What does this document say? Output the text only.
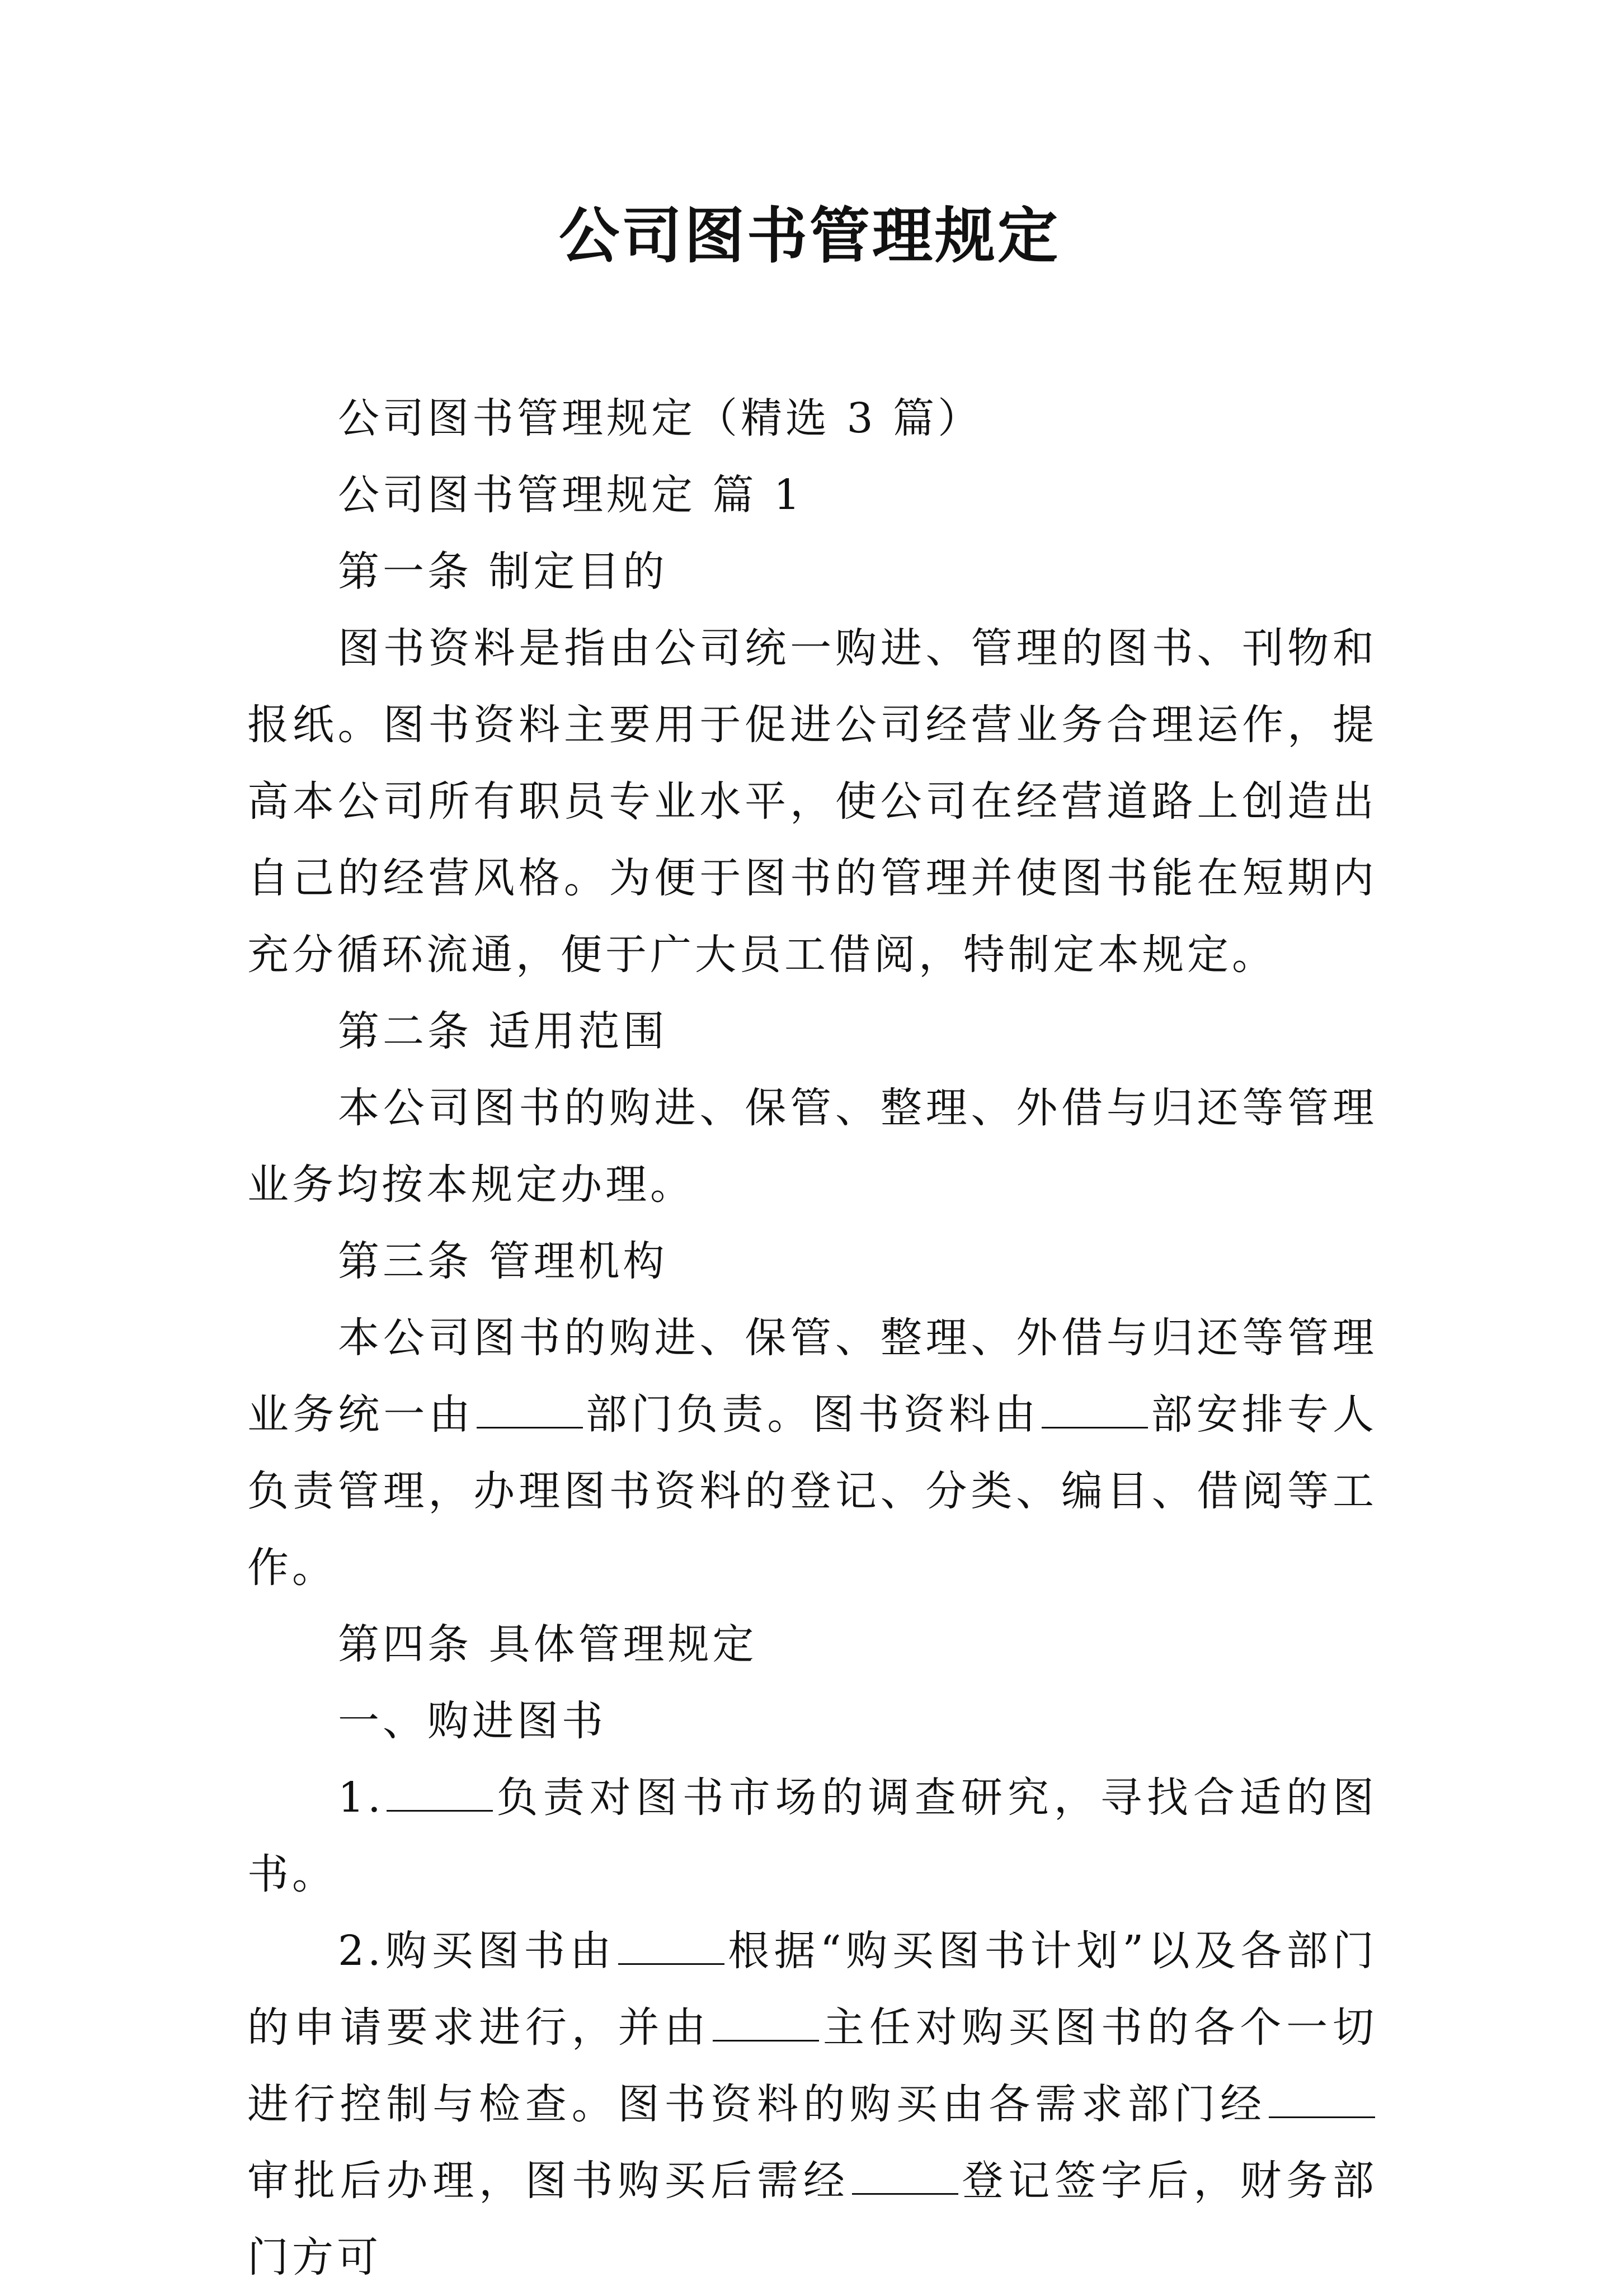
公司图书管理规定

公司图书管理规定（精选 3 篇）

公司图书管理规定 篇 1

第一条 制定目的

图书资料是指由公司统一购进、管理的图书、刊物和报纸。图书资料主要用于促进公司经营业务合理运作，提高本公司所有职员专业水平，使公司在经营道路上创造出自己的经营风格。为便于图书的管理并使图书能在短期内充分循环流通，便于广大员工借阅，特制定本规定。

第二条 适用范围

本公司图书的购进、保管、整理、外借与归还等管理业务均按本规定办理。

第三条 管理机构

本公司图书的购进、保管、整理、外借与归还等管理业务统一由	部门负责。图书资料由	部安排专人负责管理，办理图书资料的登记、分类、编目、借阅等工作。

第四条 具体管理规定

一、购进图书

1.	负责对图书市场的调查研究，寻找合适的图书。

2.购买图书由	根据“购买图书计划”以及各部门的申请要求进行，并由	主任对购买图书的各个一切进行控制与检查。图书资料的购买由各需求部门经审批后办理，图书购买后需经	登记签字后，财务部门方可
